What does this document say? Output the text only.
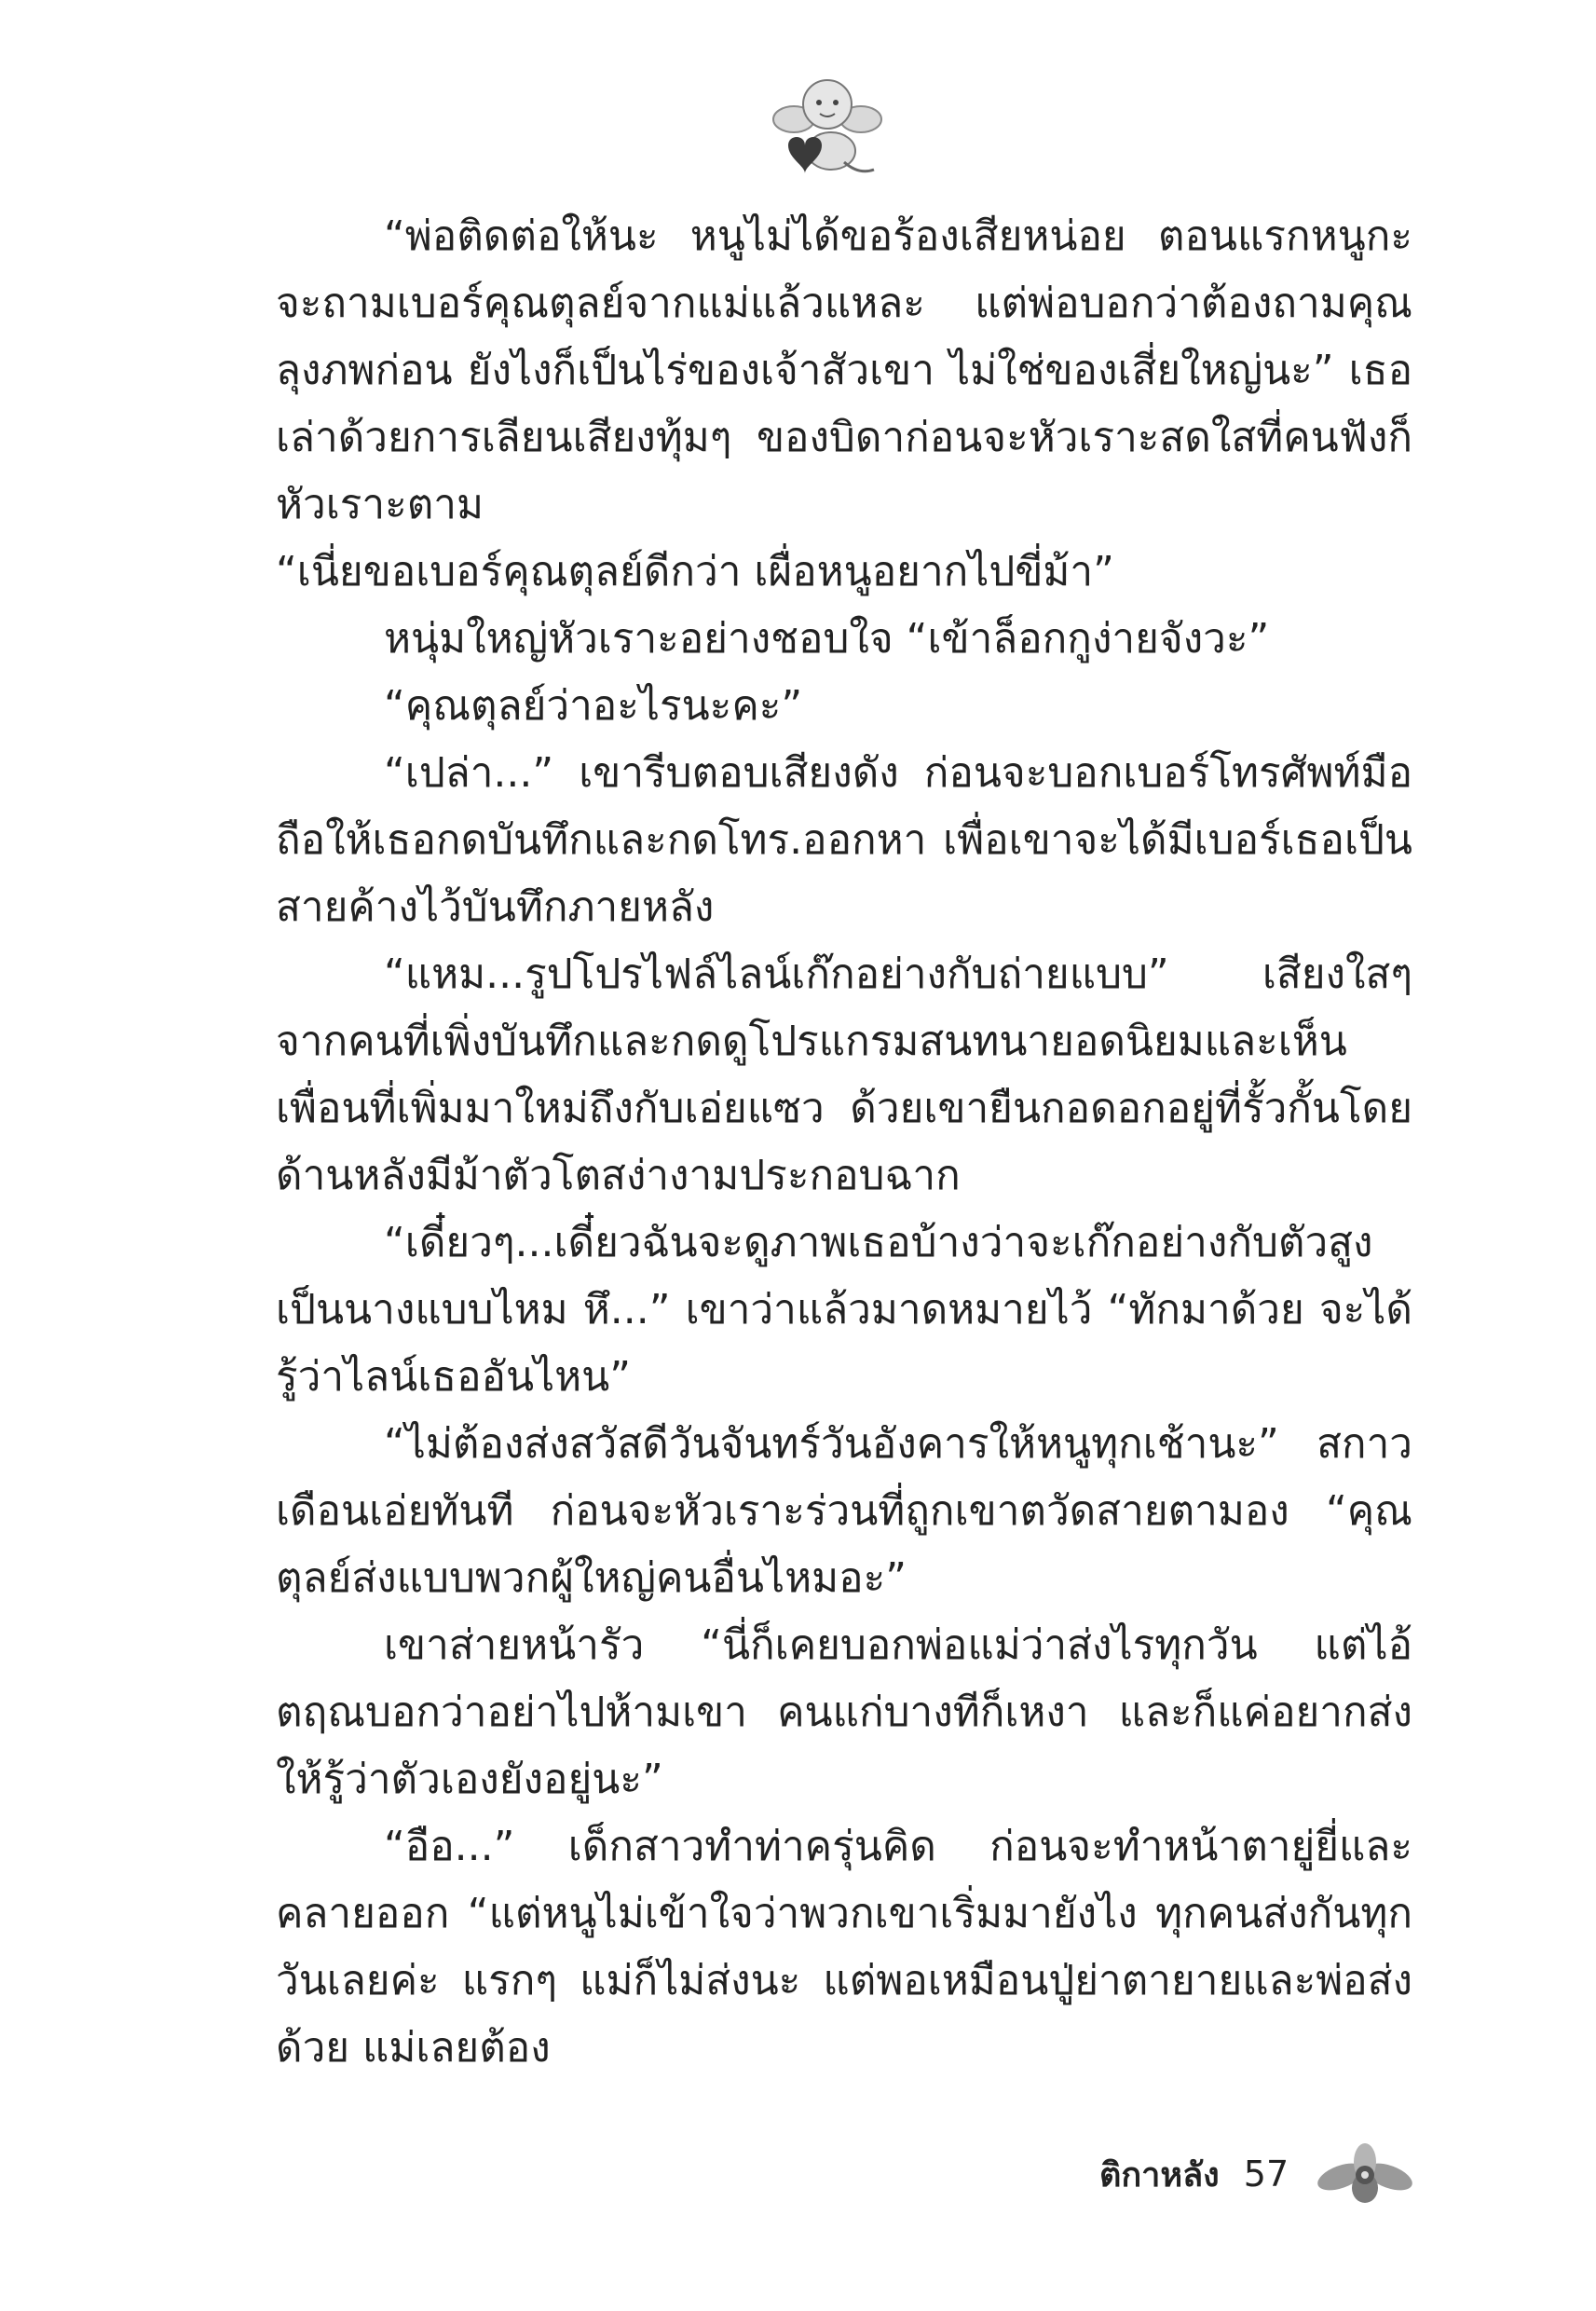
“พ่อติดต่อให้นะ หนูไม่ได้ขอร้องเสียหน่อย ตอนแรกหนูกะจะถามเบอร์คุณตุลย์จากแม่แล้วแหละ แต่พ่อบอกว่าต้องถามคุณลุงภพก่อน ยังไงก็เป็นไร่ของเจ้าสัวเขา ไม่ใช่ของเสี่ยใหญ่นะ” เธอเล่าด้วยการเลียนเสียงทุ้มๆ ของบิดาก่อนจะหัวเราะสดใสที่คนฟังก็หัวเราะตาม

“เนี่ยขอเบอร์คุณตุลย์ดีกว่า เผื่อหนูอยากไปขี่ม้า”

หนุ่มใหญ่หัวเราะอย่างชอบใจ “เข้าล็อกกูง่ายจังวะ”

“คุณตุลย์ว่าอะไรนะคะ”

“เปล่า...” เขารีบตอบเสียงดัง ก่อนจะบอกเบอร์โทรศัพท์มือถือให้เธอกดบันทึกและกดโทร.ออกหา เพื่อเขาจะได้มีเบอร์เธอเป็นสายค้างไว้บันทึกภายหลัง

“แหม...รูปโปรไฟล์ไลน์เก๊กอย่างกับถ่ายแบบ” เสียงใสๆ จากคนที่เพิ่งบันทึกและกดดูโปรแกรมสนทนายอดนิยมและเห็นเพื่อนที่เพิ่มมาใหม่ถึงกับเอ่ยแซว ด้วยเขายืนกอดอกอยู่ที่รั้วกั้นโดยด้านหลังมีม้าตัวโตสง่างามประกอบฉาก

“เดี๋ยวๆ...เดี๋ยวฉันจะดูภาพเธอบ้างว่าจะเก๊กอย่างกับตัวสูงเป็นนางแบบไหม หึ...” เขาว่าแล้วมาดหมายไว้ “ทักมาด้วย จะได้รู้ว่าไลน์เธออันไหน”

“ไม่ต้องส่งสวัสดีวันจันทร์วันอังคารให้หนูทุกเช้านะ” สกาวเดือนเอ่ยทันที ก่อนจะหัวเราะร่วนที่ถูกเขาตวัดสายตามอง “คุณตุลย์ส่งแบบพวกผู้ใหญ่คนอื่นไหมอะ”

เขาส่ายหน้ารัว “นี่ก็เคยบอกพ่อแม่ว่าส่งไรทุกวัน แต่ไอ้ตฤณบอกว่าอย่าไปห้ามเขา คนแก่บางทีก็เหงา และก็แค่อยากส่งให้รู้ว่าตัวเองยังอยู่นะ”

“อือ...” เด็กสาวทำท่าครุ่นคิด ก่อนจะทำหน้าตายู่ยี่และคลายออก “แต่หนูไม่เข้าใจว่าพวกเขาเริ่มมายังไง ทุกคนส่งกันทุกวันเลยค่ะ แรกๆ แม่ก็ไม่ส่งนะ แต่พอเหมือนปู่ย่าตายายและพ่อส่งด้วย แม่เลยต้อง

ติกาหลัง 57
